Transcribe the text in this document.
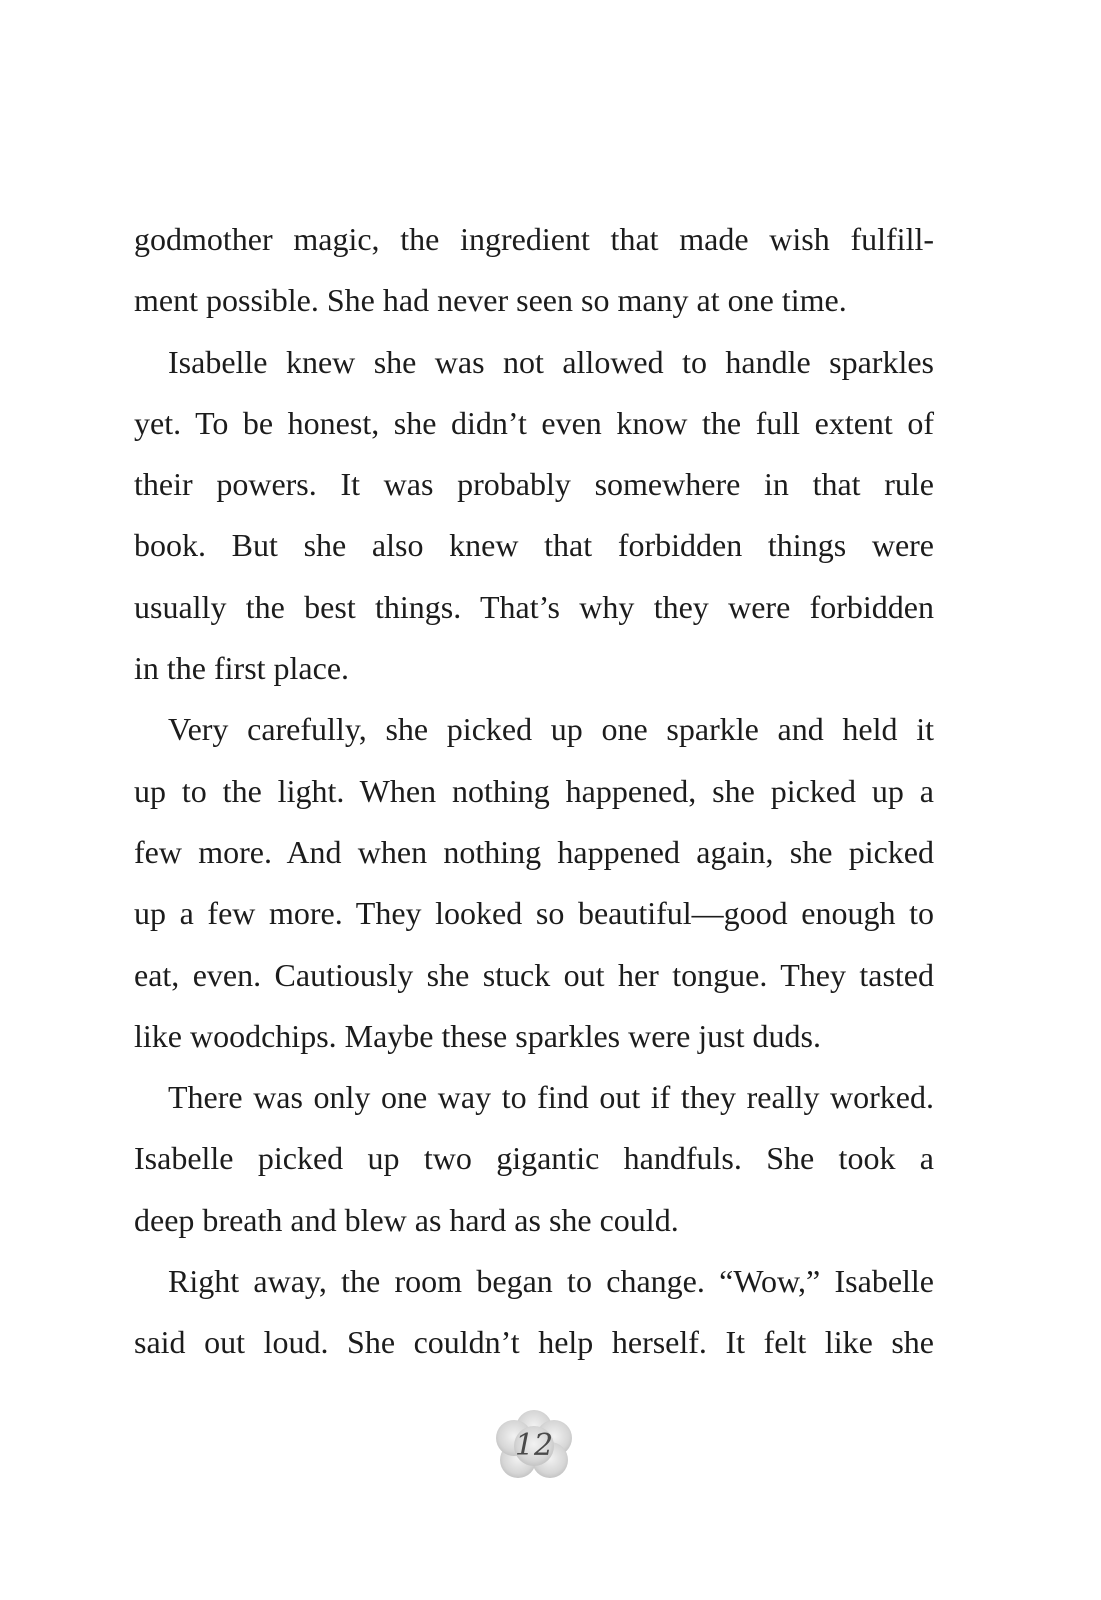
godmother magic, the ingredient that made wish fulfill-
ment possible. She had never seen so many at one time.

Isabelle knew she was not allowed to handle sparkles
yet. To be honest, she didn’t even know the full extent of
their powers. It was probably somewhere in that rule
book. But she also knew that forbidden things were
usually the best things. That’s why they were forbidden
in the first place.

Very carefully, she picked up one sparkle and held it
up to the light. When nothing happened, she picked up a
few more. And when nothing happened again, she picked
up a few more. They looked so beautiful—good enough to
eat, even. Cautiously she stuck out her tongue. They tasted
like woodchips. Maybe these sparkles were just duds.

There was only one way to find out if they really worked.
Isabelle picked up two gigantic handfuls. She took a
deep breath and blew as hard as she could.

Right away, the room began to change. “Wow,” Isabelle
said out loud. She couldn’t help herself. It felt like she

12
